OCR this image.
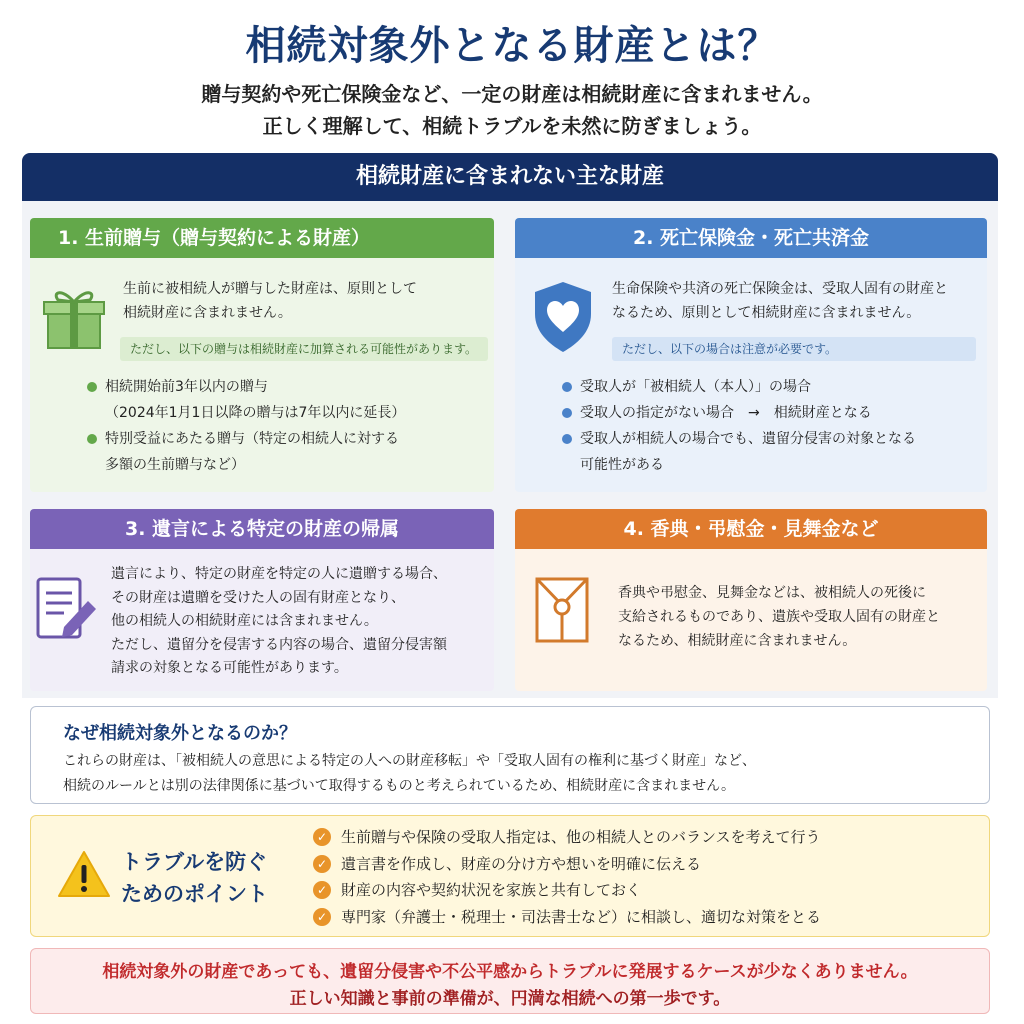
相続対象外となる財産とは？
贈与契約や死亡保険金など、一定の財産は相続財産に含まれません。
正しく理解して、相続トラブルを未然に防ぎましょう。
相続財産に含まれない主な財産
1. 生前贈与（贈与契約による財産）
生前に被相続人が贈与した財産は、原則として
相続財産に含まれません。
ただし、以下の贈与は相続財産に加算される可能性があります。
相続開始前3年以内の贈与
（2024年1月1日以降の贈与は7年以内に延長）
特別受益にあたる贈与（特定の相続人に対する
多額の生前贈与など）
2. 死亡保険金・死亡共済金
生命保険や共済の死亡保険金は、受取人固有の財産と
なるため、原則として相続財産に含まれません。
ただし、以下の場合は注意が必要です。
受取人が「被相続人（本人）」の場合
受取人の指定がない場合　→　相続財産となる
受取人が相続人の場合でも、遺留分侵害の対象となる
可能性がある
3. 遺言による特定の財産の帰属
遺言により、特定の財産を特定の人に遺贈する場合、
その財産は遺贈を受けた人の固有財産となり、
他の相続人の相続財産には含まれません。
ただし、遺留分を侵害する内容の場合、遺留分侵害額
請求の対象となる可能性があります。
4. 香典・弔慰金・見舞金など
香典や弔慰金、見舞金などは、被相続人の死後に
支給されるものであり、遺族や受取人固有の財産と
なるため、相続財産に含まれません。
なぜ相続対象外となるのか？
これらの財産は、「被相続人の意思による特定の人への財産移転」や「受取人固有の権利に基づく財産」など、
相続のルールとは別の法律関係に基づいて取得するものと考えられているため、相続財産に含まれません。
トラブルを防ぐ
ためのポイント
✓ 生前贈与や保険の受取人指定は、他の相続人とのバランスを考えて行う
✓ 遺言書を作成し、財産の分け方や想いを明確に伝える
✓ 財産の内容や契約状況を家族と共有しておく
✓ 専門家（弁護士・税理士・司法書士など）に相談し、適切な対策をとる
相続対象外の財産であっても、遺留分侵害や不公平感からトラブルに発展するケースが少なくありません。
正しい知識と事前の準備が、円満な相続への第一歩です。
